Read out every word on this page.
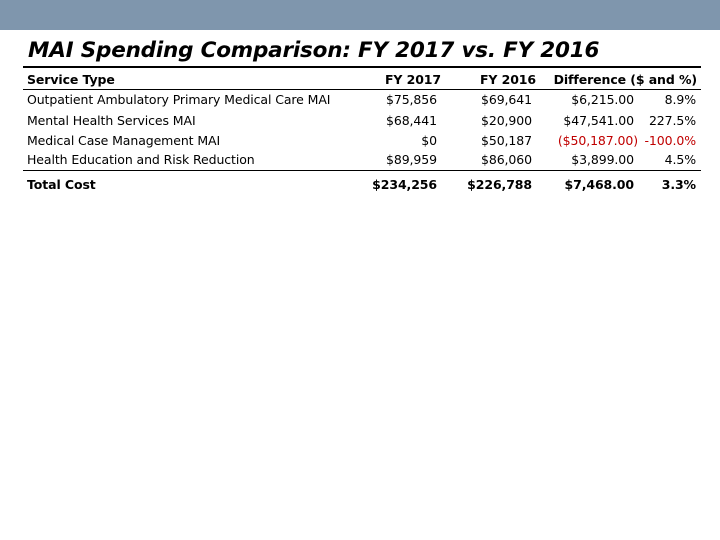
MAI Spending Comparison: FY 2017 vs. FY 2016
Service Type	FY 2017	FY 2016	Difference ($ and %)
Outpatient Ambulatory Primary Medical Care MAI	$75,856	$69,641	$6,215.00	8.9%
Mental Health Services MAI	$68,441	$20,900	$47,541.00	227.5%
Medical Case Management MAI	$0	$50,187	($50,187.00) -100.0%
Health Education and Risk Reduction	$89,959	$86,060	$3,899.00	4.5%
Total Cost	$234,256	$226,788	$7,468.00	3.3%
